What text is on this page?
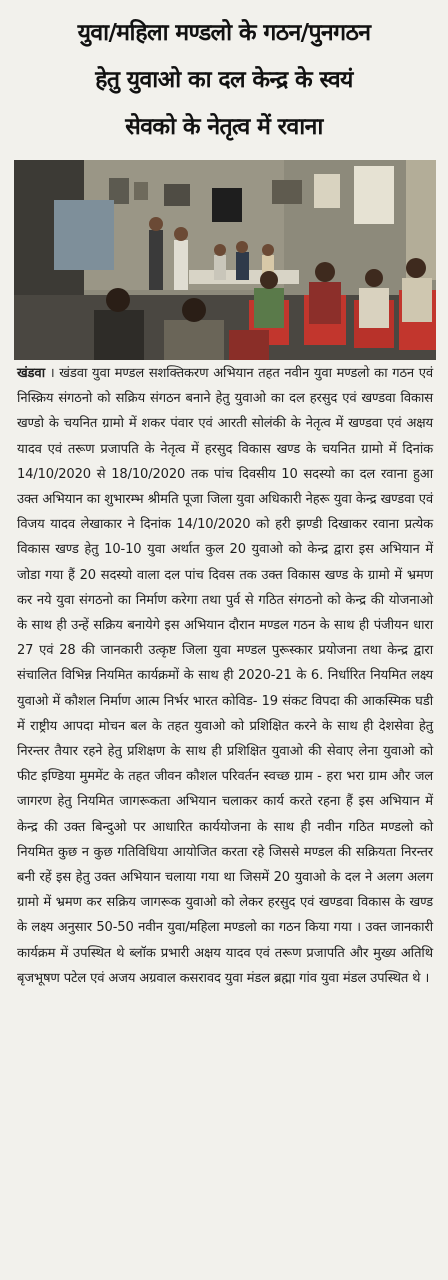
युवा/महिला मण्डलो के गठन/पुनगठन
हेतु युवाओ का दल केन्द्र के स्वयं
सेवको के नेतृत्व में रवाना
खंडवा । खंडवा युवा मण्डल सशक्तिकरण अभियान तहत नवीन युवा मण्डलो का गठन एवं निस्क्रिय संगठनो को सक्रिय संगठन बनाने हेतु युवाओ का दल हरसुद एवं खण्डवा विकास खण्डो के चयनित ग्रामो में शकर पंवार एवं आरती सोलंकी के नेतृत्व में खण्डवा एवं अक्षय यादव एवं तरूण प्रजापति के नेतृत्व में हरसुद विकास खण्ड के चयनित ग्रामो में दिनांक 14/10/2020 से 18/10/2020 तक पांच दिवसीय 10 सदस्यो का दल रवाना हुआ उक्त अभियान का शुभारम्भ श्रीमति पूजा जिला युवा अधिकारी नेहरू युवा केन्द्र खण्डवा एवं विजय यादव लेखाकार ने दिनांक 14/10/2020 को हरी झण्डी दिखाकर रवाना प्रत्येक विकास खण्ड हेतु 10-10 युवा अर्थात कुल 20 युवाओ को केन्द्र द्वारा इस अभियान में जोडा गया हैं 20 सदस्यो वाला दल पांच दिवस तक उक्त विकास खण्ड के ग्रामो में भ्रमण कर नये युवा संगठनो का निर्माण करेगा तथा पुर्व से गठित संगठनो को केन्द्र की योजनाओ के साथ ही उन्हें सक्रिय बनायेगे इस अभियान दौरान मण्डल गठन के साथ ही पंजीयन धारा 27 एवं 28 की जानकारी उत्कृष्ट जिला युवा मण्डल पुरूस्कार प्रयोजना तथा केन्द्र द्वारा संचालित विभिन्न नियमित कार्यक्रमों के साथ ही 2020-21 के 6. निर्धारित नियमित लक्ष्य युवाओ में कौशल निर्माण आत्म निर्भर भारत कोविड- 19 संकट विपदा की आकस्मिक घडी में राष्ट्रीय आपदा मोचन बल के तहत युवाओ को प्रशिक्षित करने के साथ ही देशसेवा हेतु निरन्तर तैयार रहने हेतु प्रशिक्षण के साथ ही प्रशिक्षित युवाओ की सेवाए लेना युवाओ को फीट इण्डिया मुममेंट के तहत जीवन कौशल परिवर्तन स्वच्छ ग्राम - हरा भरा ग्राम और जल जागरण हेतु नियमित जागरूकता अभियान चलाकर कार्य करते रहना हैं इस अभियान में केन्द्र की उक्त बिन्दुओ पर आधारित कार्ययोजना के साथ ही नवीन गठित मण्डलो को नियमित कुछ न कुछ गतिविधिया आयोजित करता रहे जिससे मण्डल की सक्रियता निरन्तर बनी रहें इस हेतु उक्त अभियान चलाया गया था जिसमें 20 युवाओ के दल ने अलग अलग ग्रामो में भ्रमण कर सक्रिय जागरूक युवाओ को लेकर हरसुद एवं खण्डवा विकास के खण्ड के लक्ष्य अनुसार 50-50 नवीन युवा/महिला मण्डलो का गठन किया गया । उक्त जानकारी कार्यक्रम में उपस्थित थे ब्लॉक प्रभारी अक्षय यादव एवं तरूण प्रजापति और मुख्य अतिथि बृजभूषण पटेल एवं अजय अग्रवाल कसरावद युवा मंडल ब्रह्मा गांव युवा मंडल उपस्थित थे ।
